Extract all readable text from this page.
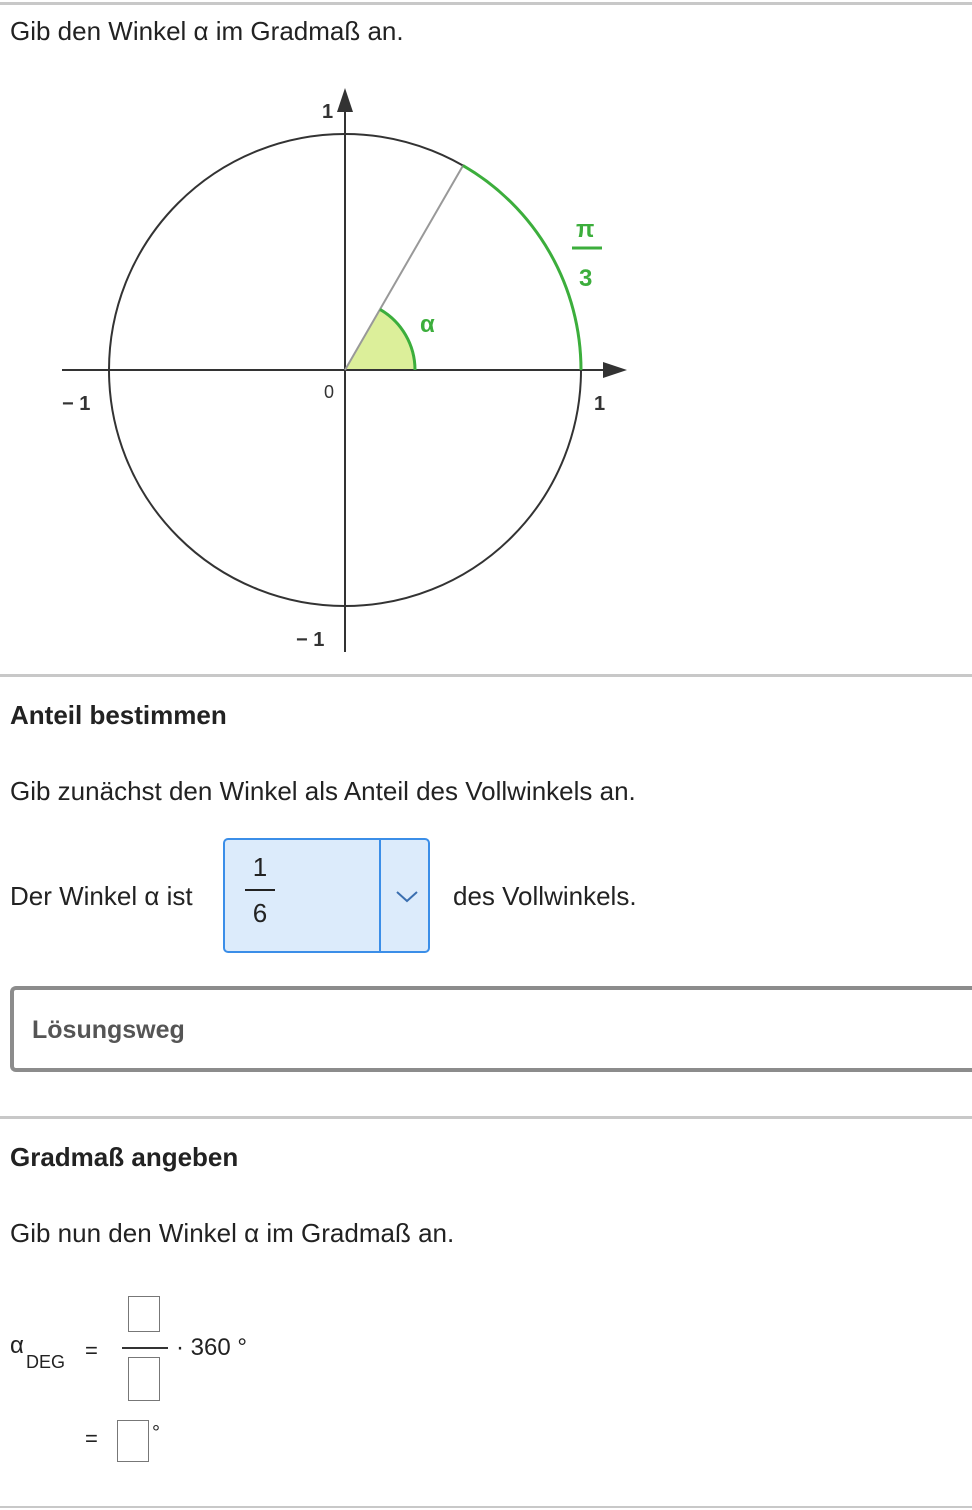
Gib den Winkel α im Gradmaß an.
1
− 1
− 1	1
0
α
π
3
Anteil bestimmen
Gib zunächst den Winkel als Anteil des Vollwinkels an.
Der Winkel α ist
1
6
des Vollwinkels.
Lösungsweg
Gradmaß angeben
Gib nun den Winkel α im Gradmaß an.
α
DEG =	· 360 °
=	°
